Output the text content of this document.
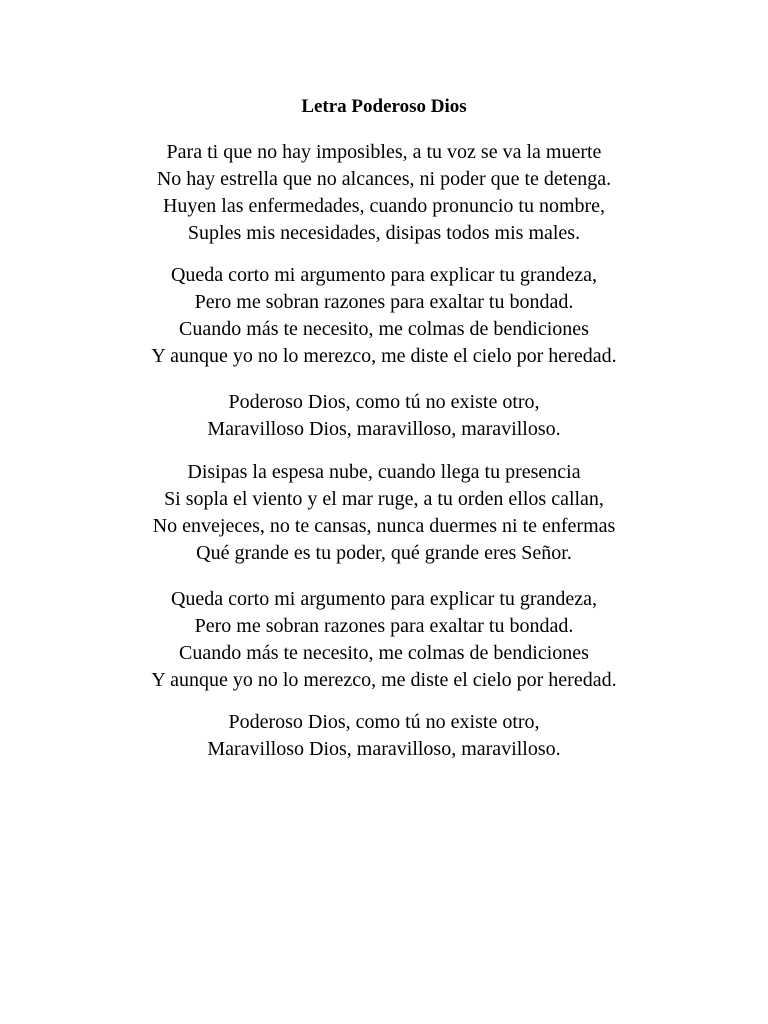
Letra Poderoso Dios
Para ti que no hay imposibles, a tu voz se va la muerte
No hay estrella que no alcances, ni poder que te detenga.
Huyen las enfermedades, cuando pronuncio tu nombre,
Suples mis necesidades, disipas todos mis males.
Queda corto mi argumento para explicar tu grandeza,
Pero me sobran razones para exaltar tu bondad.
Cuando más te necesito, me colmas de bendiciones
Y aunque yo no lo merezco, me diste el cielo por heredad.
Poderoso Dios, como tú no existe otro,
Maravilloso Dios, maravilloso, maravilloso.
Disipas la espesa nube, cuando llega tu presencia
Si sopla el viento y el mar ruge, a tu orden ellos callan,
No envejeces, no te cansas, nunca duermes ni te enfermas
Qué grande es tu poder, qué grande eres Señor.
Queda corto mi argumento para explicar tu grandeza,
Pero me sobran razones para exaltar tu bondad.
Cuando más te necesito, me colmas de bendiciones
Y aunque yo no lo merezco, me diste el cielo por heredad.
Poderoso Dios, como tú no existe otro,
Maravilloso Dios, maravilloso, maravilloso.
